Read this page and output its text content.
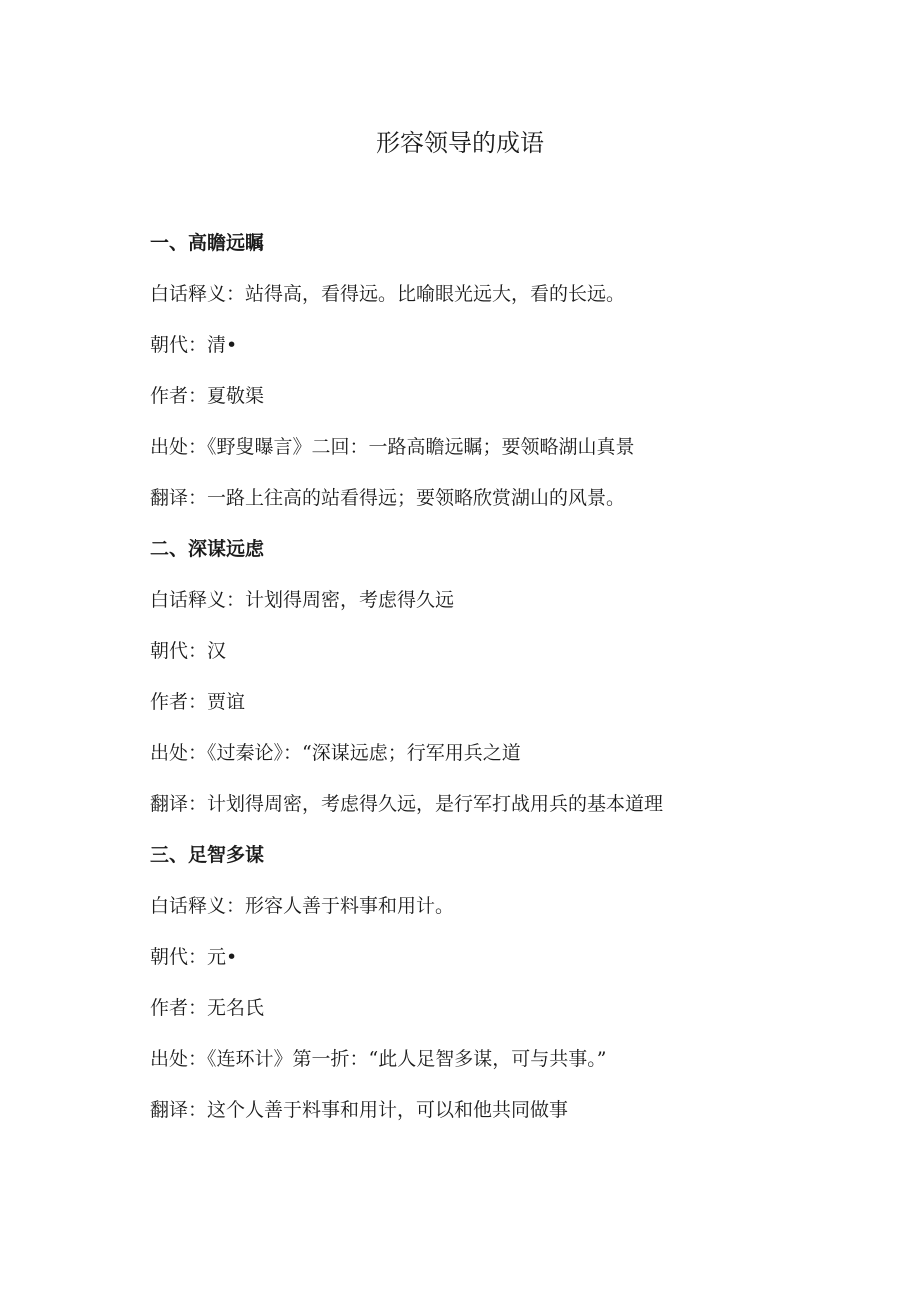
形容领导的成语
一、高瞻远瞩
白话释义：站得高，看得远。比喻眼光远大，看的长远。
朝代：清•
作者：夏敬渠
出处：《野叟曝言》二回：一路高瞻远瞩；要领略湖山真景
翻译：一路上往高的站看得远；要领略欣赏湖山的风景。
二、深谋远虑
白话释义：计划得周密，考虑得久远
朝代：汉
作者：贾谊
出处：《过秦论》：“深谋远虑；行军用兵之道
翻译：计划得周密，考虑得久远，是行军打战用兵的基本道理
三、足智多谋
白话释义：形容人善于料事和用计。
朝代：元•
作者：无名氏
出处：《连环计》第一折：“此人足智多谋，可与共事。”
翻译：这个人善于料事和用计，可以和他共同做事
